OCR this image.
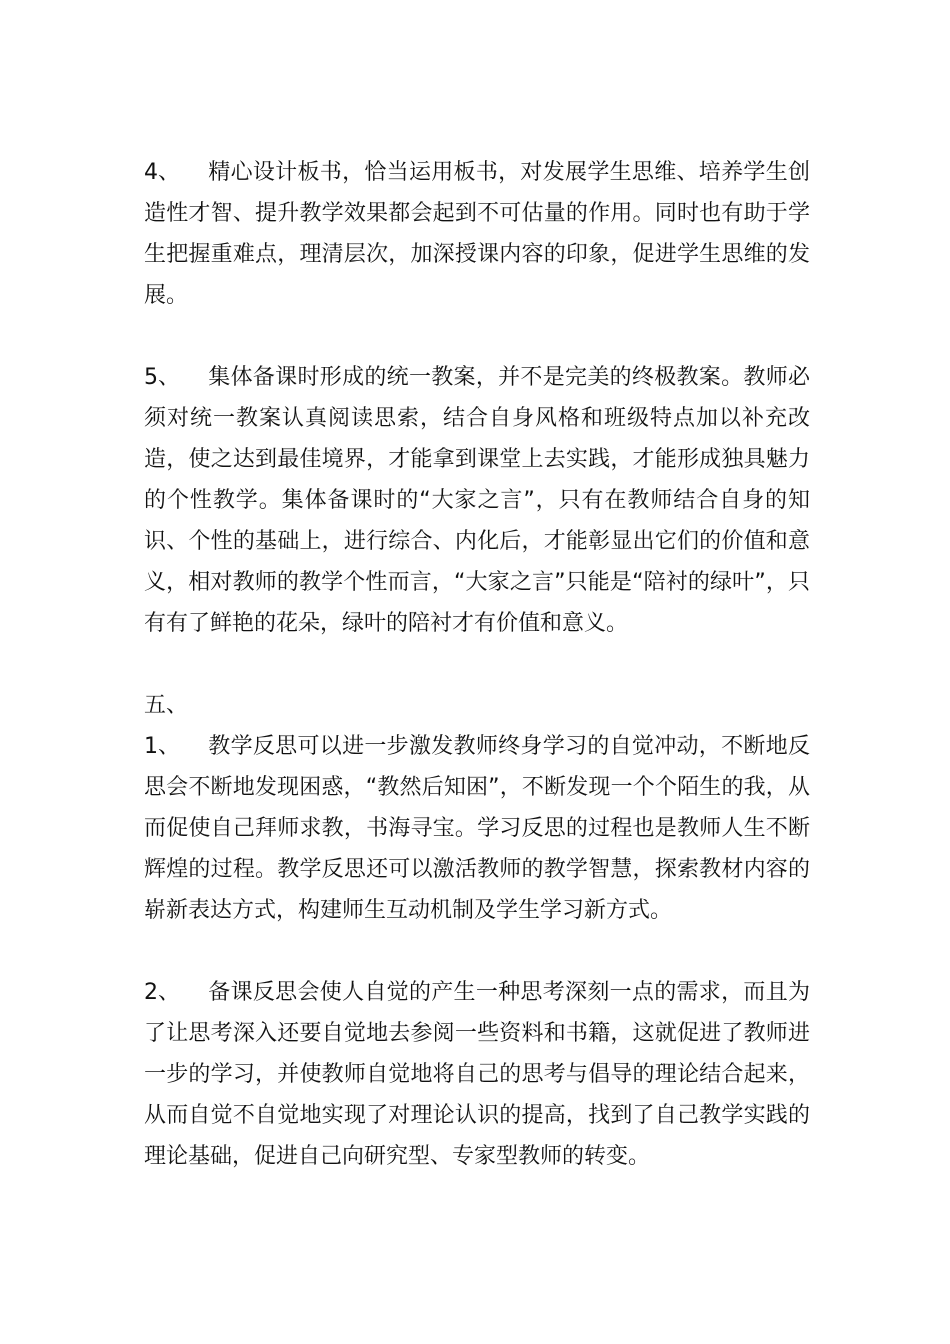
4、 精心设计板书，恰当运用板书，对发展学生思维、培养学生创造性才智、提升教学效果都会起到不可估量的作用。同时也有助于学生把握重难点，理清层次，加深授课内容的印象，促进学生思维的发展。

5、 集体备课时形成的统一教案，并不是完美的终极教案。教师必须对统一教案认真阅读思索，结合自身风格和班级特点加以补充改造，使之达到最佳境界，才能拿到课堂上去实践，才能形成独具魅力的个性教学。集体备课时的“大家之言”，只有在教师结合自身的知识、个性的基础上，进行综合、内化后，才能彰显出它们的价值和意义，相对教师的教学个性而言，“大家之言”只能是“陪衬的绿叶”，只有有了鲜艳的花朵，绿叶的陪衬才有价值和意义。

五、

1、 教学反思可以进一步激发教师终身学习的自觉冲动，不断地反思会不断地发现困惑，“教然后知困”，不断发现一个个陌生的我，从而促使自己拜师求教，书海寻宝。学习反思的过程也是教师人生不断辉煌的过程。教学反思还可以激活教师的教学智慧，探索教材内容的崭新表达方式，构建师生互动机制及学生学习新方式。

2、 备课反思会使人自觉的产生一种思考深刻一点的需求，而且为了让思考深入还要自觉地去参阅一些资料和书籍，这就促进了教师进一步的学习，并使教师自觉地将自己的思考与倡导的理论结合起来，从而自觉不自觉地实现了对理论认识的提高，找到了自己教学实践的理论基础，促进自己向研究型、专家型教师的转变。
